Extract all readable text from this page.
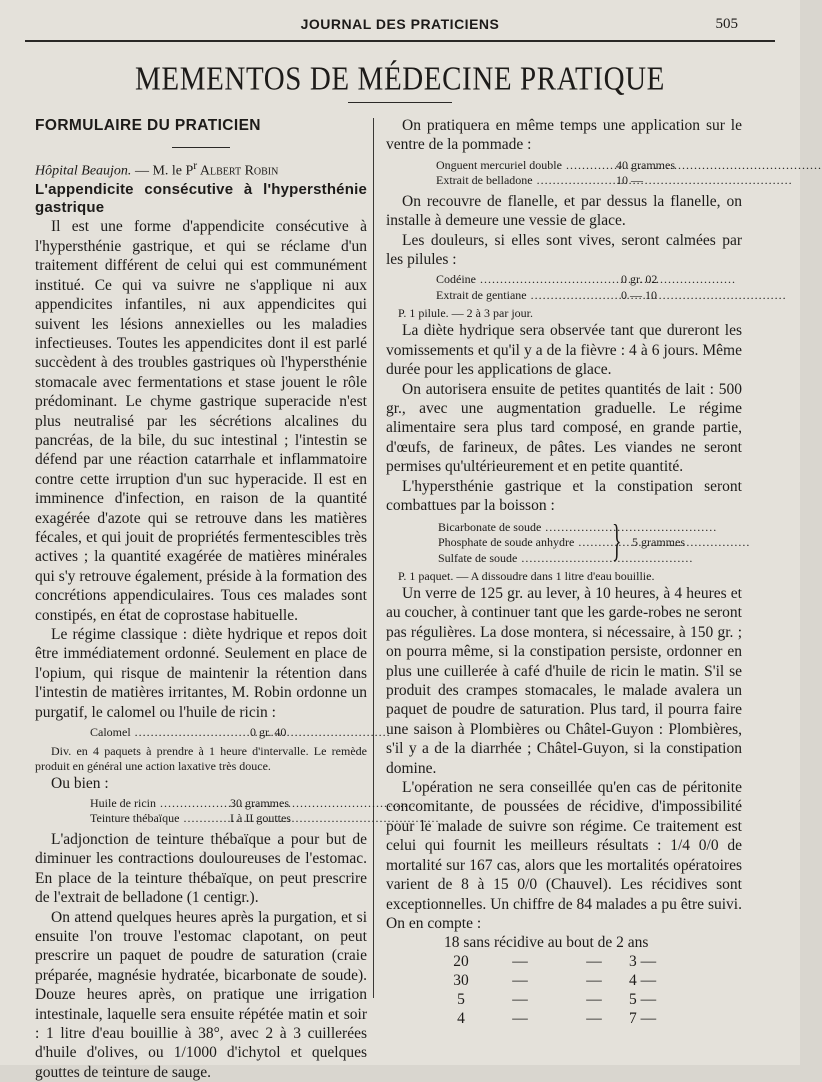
JOURNAL DES PRATICIENS	505
MEMENTOS DE MÉDECINE PRATIQUE

FORMULAIRE DU PRATICIEN

Hôpital Beaujon. — M. le $P^r$ Albert Robin

L'appendicite consécutive à l'hypersthénie gastrique

Il est une forme d'appendicite consécutive à l'hypersthénie gastrique, et qui se réclame d'un traitement différent de celui qui est communément institué. Ce qui va suivre ne s'applique ni aux appendicites infantiles, ni aux appendicites qui suivent les lésions annexielles ou les maladies infectieuses. Toutes les appendicites dont il est parlé succèdent à des troubles gastriques où l'hypersthénie stomacale avec fermentations et stase jouent le rôle prédominant. Le chyme gastrique superacide n'est plus neutralisé par les sécrétions alcalines du pancréas, de la bile, du suc intestinal ; l'intestin se défend par une réaction catarrhale et inflammatoire contre cette irruption d'un suc hyperacide. Il est en imminence d'infection, en raison de la quantité exagérée d'azote qui se retrouve dans les matières fécales, et qui jouit de propriétés fermentescibles très actives ; la quantité exagérée de matières minérales qui s'y retrouve également, préside à la formation des concrétions appendiculaires. Tous ces malades sont constipés, en état de coprostase habituelle.

Le régime classique : diète hydrique et repos doit être immédiatement ordonné. Seulement en place de l'opium, qui risque de maintenir la rétention dans l'intestin de matières irritantes, M. Robin ordonne un purgatif, le calomel ou l'huile de ricin :

Calomel .....	0 gr. 40

Div. en 4 paquets à prendre à 1 heure d'intervalle. Le remède produit en général une action laxative très douce.

Ou bien :

Huile de ricin .....	30 grammes
Teinture thébaïque .....	I à II gouttes

L'adjonction de teinture thébaïque a pour but de diminuer les contractions douloureuses de l'estomac. En place de la teinture thébaïque, on peut prescrire de l'extrait de belladone (1 centigr.).

On attend quelques heures après la purgation, et si ensuite l'on trouve l'estomac clapotant, on peut prescrire un paquet de poudre de saturation (craie préparée, magnésie hydratée, bicarbonate de soude). Douze heures après, on pratique une irrigation intestinale, laquelle sera ensuite répétée matin et soir : 1 litre d'eau bouillie à 38°, avec 2 à 3 cuillerées d'huile d'olives, ou 1/1000 d'ichytol et quelques gouttes de teinture de sauge.

On pratiquera en même temps une application sur le ventre de la pommade :

Onguent mercuriel double .....	40 grammes
Extrait de belladone .....	10 —

On recouvre de flanelle, et par dessus la flanelle, on installe à demeure une vessie de glace.

Les douleurs, si elles sont vives, seront calmées par les pilules :

Codéine .....	0 gr. 02
Extrait de gentiane .....	0 — 10

P. 1 pilule. — 2 à 3 par jour.

La diète hydrique sera observée tant que dureront les vomissements et qu'il y a de la fièvre : 4 à 6 jours. Même durée pour les applications de glace.

On autorisera ensuite de petites quantités de lait : 500 gr., avec une augmentation graduelle. Le régime alimentaire sera plus tard composé, en grande partie, d'œufs, de farineux, de pâtes. Les viandes ne seront permises qu'ultérieurement et en petite quantité.

L'hypersthénie gastrique et la constipation seront combattues par la boisson :

Bicarbonate de soude .....
Phosphate de soude anhydre .....
Sulfate de soude .....	} 5 grammes

P. 1 paquet. — A dissoudre dans 1 litre d'eau bouillie.

Un verre de 125 gr. au lever, à 10 heures, à 4 heures et au coucher, à continuer tant que les garde-robes ne seront pas régulières. La dose montera, si nécessaire, à 150 gr. ; on pourra même, si la constipation persiste, ordonner en plus une cuillerée à café d'huile de ricin le matin. S'il se produit des crampes stomacales, le malade avalera un paquet de poudre de saturation. Plus tard, il pourra faire une saison à Plombières ou Châtel-Guyon : Plombières, s'il y a de la diarrhée ; Châtel-Guyon, si la constipation domine.

L'opération ne sera conseillée qu'en cas de péritonite concomitante, de poussées de récidive, d'impossibilité pour le malade de suivre son régime. Ce traitement est celui qui fournit les meilleurs résultats : 1/4 0/0 de mortalité sur 167 cas, alors que les mortalités opératoires varient de 8 à 15 0/0 (Chauvel). Les récidives sont exceptionnelles. Un chiffre de 84 malades a pu être suivi. On en compte :

18 sans récidive au bout de 2 ans
20	—	—	3 —
30	—	—	4 —
5	—	—	5 —
4	—	—	7 —
